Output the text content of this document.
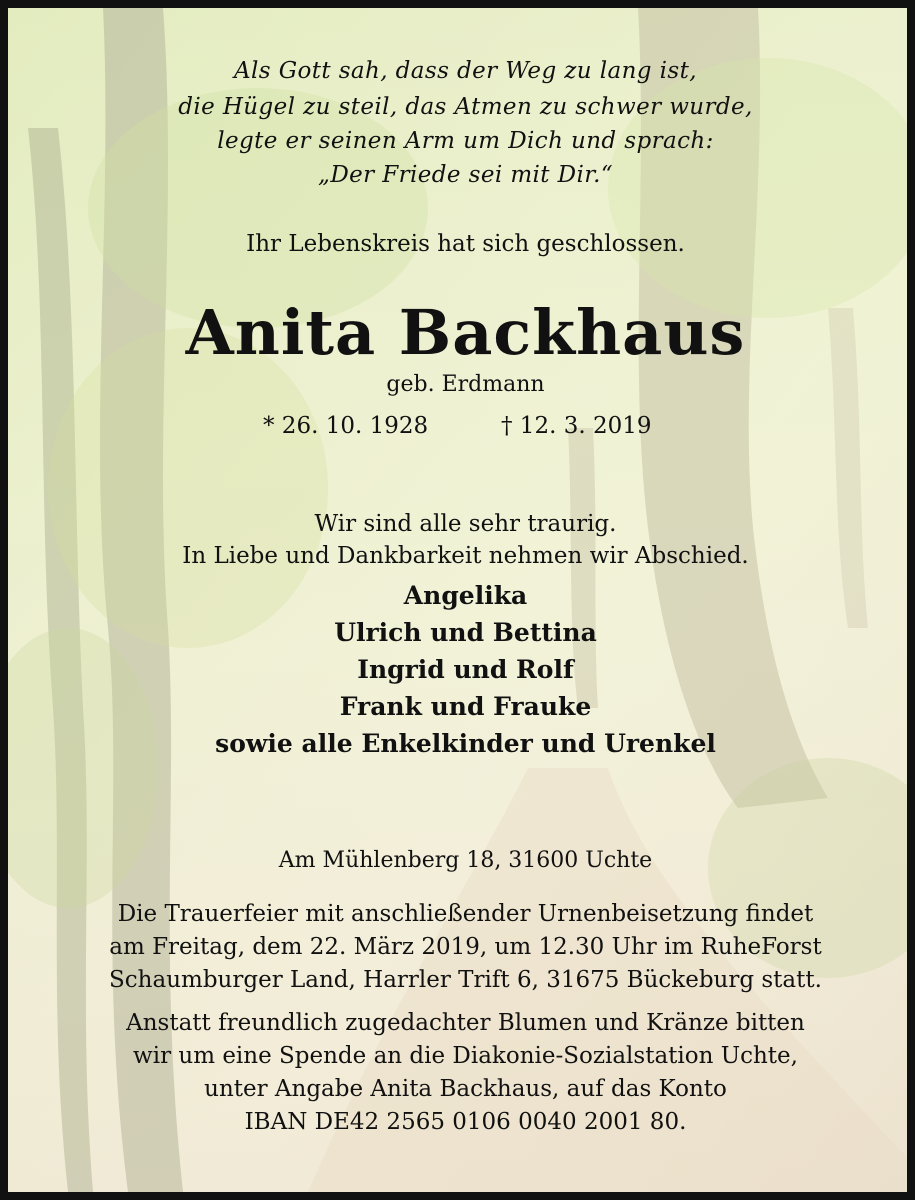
Als Gott sah, dass der Weg zu lang ist,
die Hügel zu steil, das Atmen zu schwer wurde,
legte er seinen Arm um Dich und sprach:
„Der Friede sei mit Dir.“
Ihr Lebenskreis hat sich geschlossen.
Anita Backhaus
geb. Erdmann
* 26. 10. 1928	† 12. 3. 2019
Wir sind alle sehr traurig.
In Liebe und Dankbarkeit nehmen wir Abschied.
Angelika
Ulrich und Bettina
Ingrid und Rolf
Frank und Frauke
sowie alle Enkelkinder und Urenkel
Am Mühlenberg 18, 31600 Uchte
Die Trauerfeier mit anschließender Urnenbeisetzung findet
am Freitag, dem 22. März 2019, um 12.30 Uhr im RuheForst
Schaumburger Land, Harrler Trift 6, 31675 Bückeburg statt.
Anstatt freundlich zugedachter Blumen und Kränze bitten
wir um eine Spende an die Diakonie-Sozialstation Uchte,
unter Angabe Anita Backhaus, auf das Konto
IBAN DE42 2565 0106 0040 2001 80.
